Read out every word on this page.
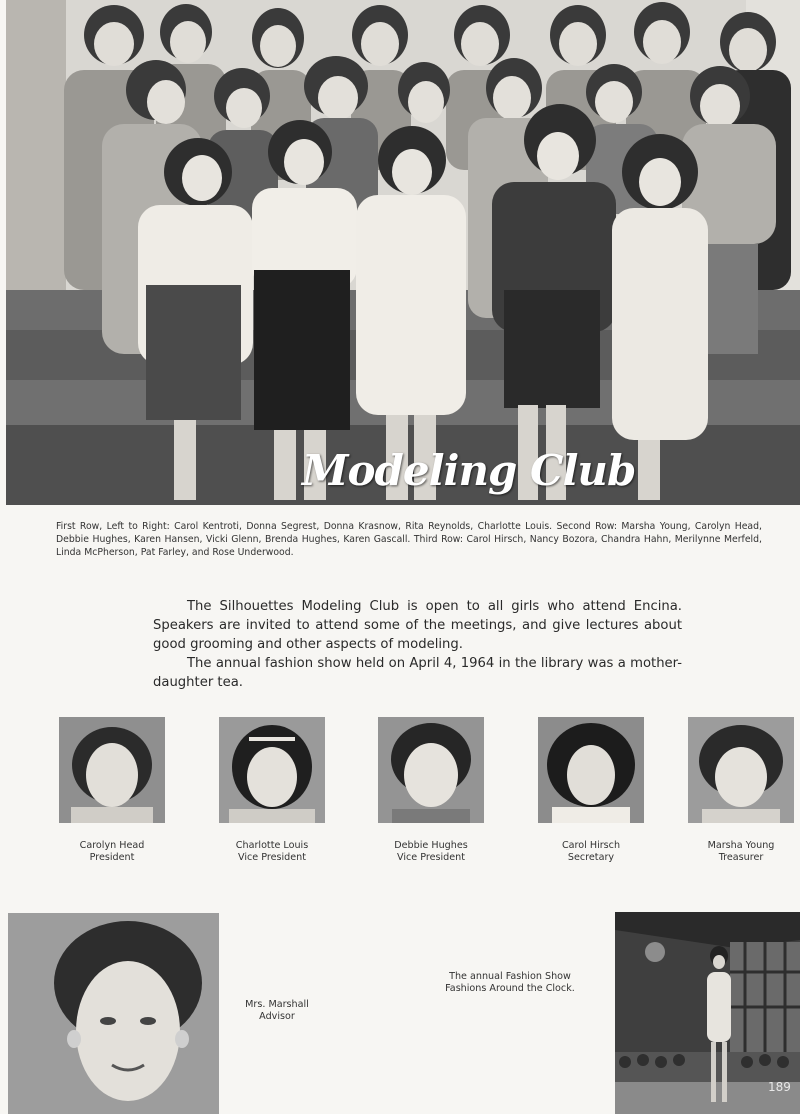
Modeling Club
First Row, Left to Right: Carol Kentroti, Donna Segrest, Donna Krasnow, Rita Reynolds, Charlotte Louis. Second Row: Marsha Young, Carolyn Head, Debbie Hughes, Karen Hansen, Vicki Glenn, Brenda Hughes, Karen Gascall. Third Row: Carol Hirsch, Nancy Bozora, Chandra Hahn, Merilynne Merfeld, Linda McPherson, Pat Farley, and Rose Underwood.

The Silhouettes Modeling Club is open to all girls who attend Encina. Speakers are invited to attend some of the meetings, and give lectures about good grooming and other aspects of modeling.

The annual fashion show held on April 4, 1964 in the library was a mother-daughter tea.

Carolyn Head
President
Charlotte Louis
Vice President
Debbie Hughes
Vice President
Carol Hirsch
Secretary
Marsha Young
Treasurer
Mrs. Marshall
Advisor
The annual Fashion Show
Fashions Around the Clock.
189
